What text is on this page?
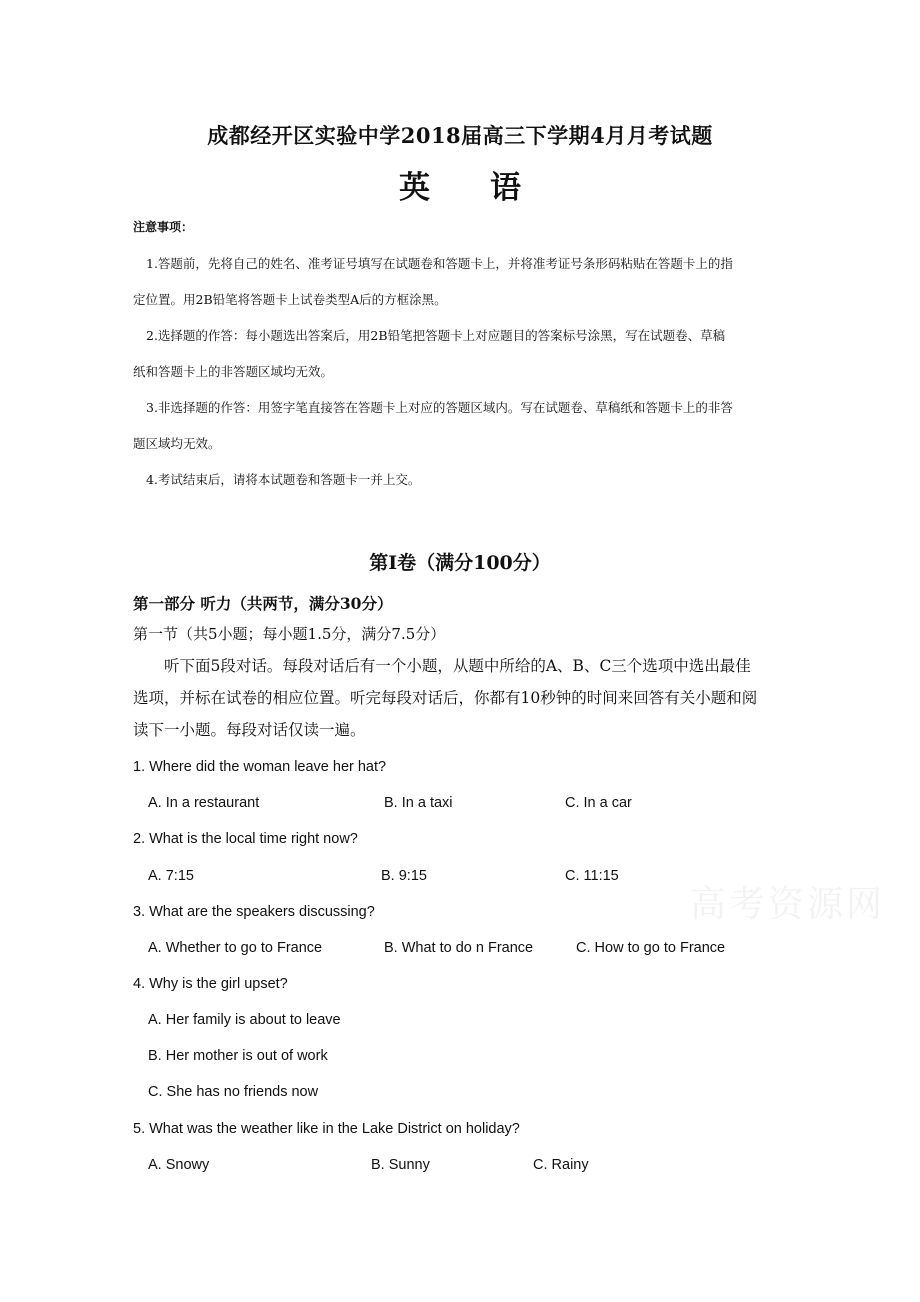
成都经开区实验中学2018届高三下学期4月月考试题
英 语
注意事项：
1.答题前，先将自己的姓名、准考证号填写在试题卷和答题卡上，并将准考证号条形码粘贴在答题卡上的指
定位置。用2B铅笔将答题卡上试卷类型A后的方框涂黑。
2.选择题的作答：每小题选出答案后，用2B铅笔把答题卡上对应题目的答案标号涂黑，写在试题卷、草稿
纸和答题卡上的非答题区域均无效。
3.非选择题的作答：用签字笔直接答在答题卡上对应的答题区域内。写在试题卷、草稿纸和答题卡上的非答
题区域均无效。
4.考试结束后，请将本试题卷和答题卡一并上交。
第Ⅰ卷（满分100分）
第一部分 听力（共两节，满分30分）
第一节（共5小题；每小题1.5分，满分7.5分）
听下面5段对话。每段对话后有一个小题，从题中所给的A、B、C三个选项中选出最佳
选项，并标在试卷的相应位置。听完每段对话后，你都有10秒钟的时间来回答有关小题和阅
读下一小题。每段对话仅读一遍。
1. Where did the woman leave her hat?
A. In a restaurant	B. In a taxi	C. In a car
2. What is the local time right now?
A. 7:15	B. 9:15	C. 11:15
3. What are the speakers discussing?
A. Whether to go to France	B. What to do n France	C. How to go to France
4. Why is the girl upset?
A. Her family is about to leave
B. Her mother is out of work
C. She has no friends now
5. What was the weather like in the Lake District on holiday?
A. Snowy	B. Sunny	C. Rainy
高考资源网
